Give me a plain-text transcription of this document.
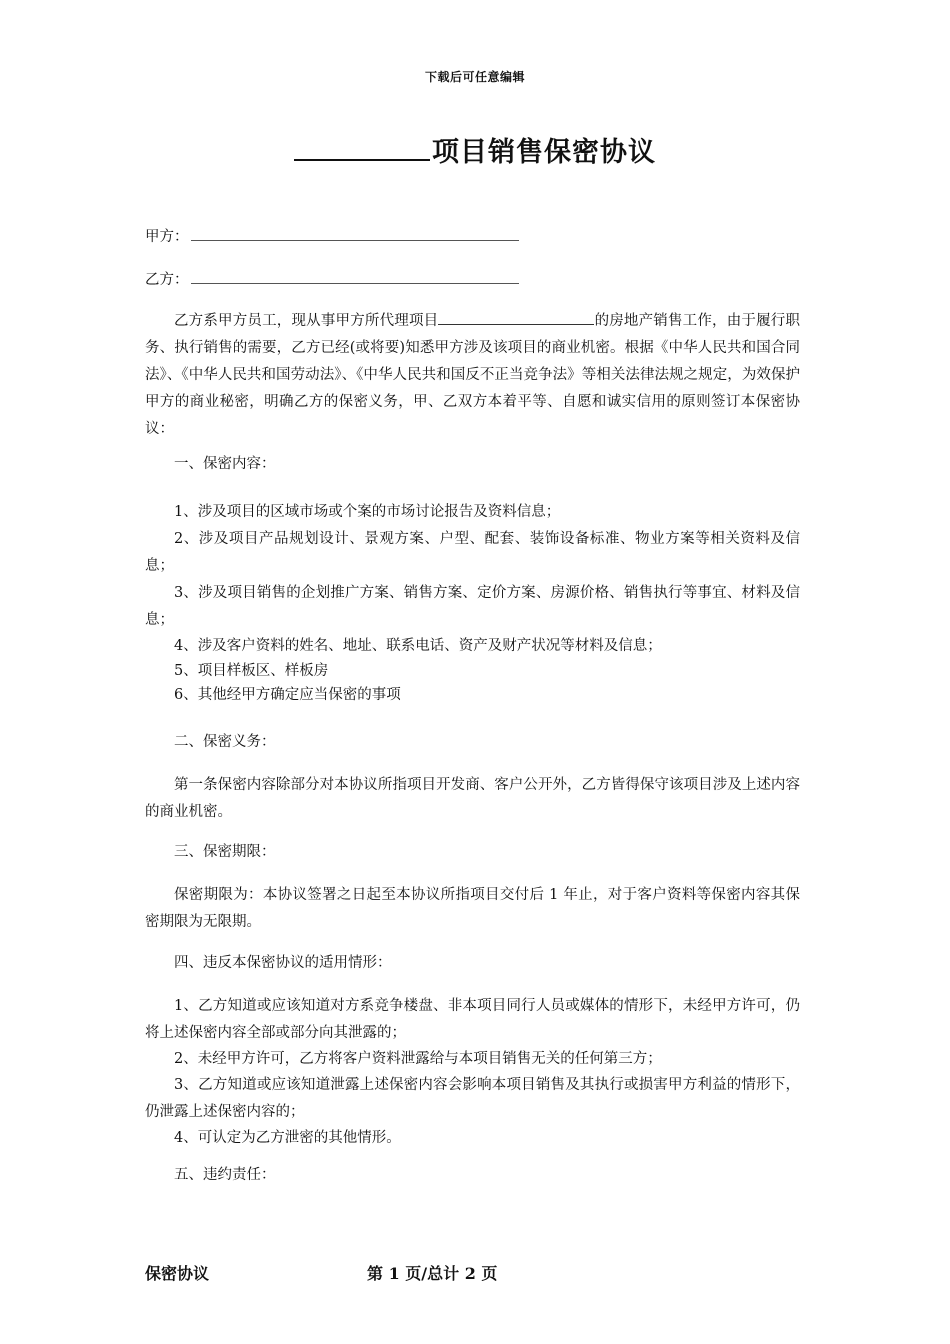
下载后可任意编辑
项目销售保密协议
甲方：
乙方：

乙方系甲方员工，现从事甲方所代理项目	的房地产销售工作，由于履行职务、执行销售的需要，乙方已经(或将要)知悉甲方涉及该项目的商业机密。根据《中华人民共和国合同法》、《中华人民共和国劳动法》、《中华人民共和国反不正当竞争法》等相关法律法规之规定，为效保护甲方的商业秘密，明确乙方的保密义务，甲、乙双方本着平等、自愿和诚实信用的原则签订本保密协议：

一、保密内容：

1、涉及项目的区域市场或个案的市场讨论报告及资料信息；

2、涉及项目产品规划设计、景观方案、户型、配套、装饰设备标准、物业方案等相关资料及信息；

3、涉及项目销售的企划推广方案、销售方案、定价方案、房源价格、销售执行等事宜、材料及信息；

4、涉及客户资料的姓名、地址、联系电话、资产及财产状况等材料及信息；

5、项目样板区、样板房

6、其他经甲方确定应当保密的事项

二、保密义务：

第一条保密内容除部分对本协议所指项目开发商、客户公开外，乙方皆得保守该项目涉及上述内容的商业机密。

三、保密期限：

保密期限为：本协议签署之日起至本协议所指项目交付后 1 年止，对于客户资料等保密内容其保密期限为无限期。

四、违反本保密协议的适用情形：

1、乙方知道或应该知道对方系竞争楼盘、非本项目同行人员或媒体的情形下，未经甲方许可，仍将上述保密内容全部或部分向其泄露的；

2、未经甲方许可，乙方将客户资料泄露给与本项目销售无关的任何第三方；

3、乙方知道或应该知道泄露上述保密内容会影响本项目销售及其执行或损害甲方利益的情形下，仍泄露上述保密内容的；

4、可认定为乙方泄密的其他情形。

五、违约责任：

保密协议	第 1 页/总计 2 页
